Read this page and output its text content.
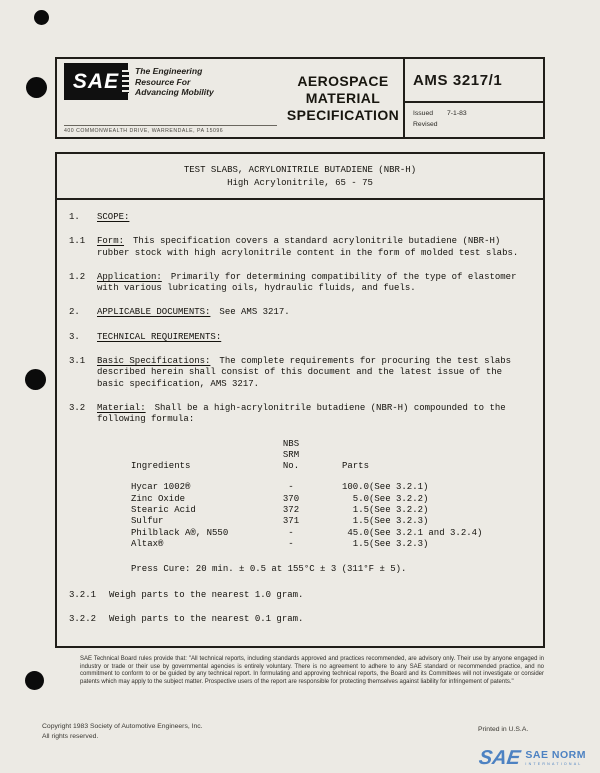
SAE The Engineering
Resource For
Advancing Mobility
400 COMMONWEALTH DRIVE, WARRENDALE, PA 15096
AEROSPACE
MATERIAL
SPECIFICATION
AMS 3217/1
Issued	7-1-83
Revised
TEST SLABS, ACRYLONITRILE BUTADIENE (NBR-H)
High Acrylonitrile, 65 - 75
1.	SCOPE:
1.1	Form: This specification covers a standard acrylonitrile butadiene (NBR-H) rubber stock with high acrylonitrile content in the form of molded test slabs.
1.2	Application: Primarily for determining compatibility of the type of elastomer with various lubricating oils, hydraulic fluids, and fuels.
2.	APPLICABLE DOCUMENTS: See AMS 3217.
3.	TECHNICAL REQUIREMENTS:
3.1	Basic Specifications: The complete requirements for procuring the test slabs described herein shall consist of this document and the latest issue of the basic specification, AMS 3217.
3.2	Material: Shall be a high-acrylonitrile butadiene (NBR-H) compounded to the following formula:
Ingredients	NBS
SRM
No.	Parts	

Hycar 1002®	-	100.0	(See 3.2.1)
Zinc Oxide	370	5.0	(See 3.2.2)
Stearic Acid	372	1.5	(See 3.2.2)
Sulfur	371	1.5	(See 3.2.3)
Philblack A®, N550	-	45.0	(See 3.2.1 and 3.2.4)
Altax®	-	1.5	(See 3.2.3)
Press Cure: 20 min. ± 0.5 at 155°C ± 3 (311°F ± 5).
3.2.1	Weigh parts to the nearest 1.0 gram.
3.2.2	Weigh parts to the nearest 0.1 gram.
SAE Technical Board rules provide that: "All technical reports, including standards approved and practices recommended, are advisory only. Their use by anyone engaged in industry or trade or their use by governmental agencies is entirely voluntary. There is no agreement to adhere to any SAE standard or recommended practice, and no commitment to conform to or be guided by any technical report. In formulating and approving technical reports, the Board and its Committees will not investigate or consider patents which may apply to the subject matter. Prospective users of the report are responsible for protecting themselves against liability for infringement of patents."
Copyright 1983 Society of Automotive Engineers, Inc.
All rights reserved.
Printed in U.S.A.
SAE SAE NORM
INTERNATIONAL
